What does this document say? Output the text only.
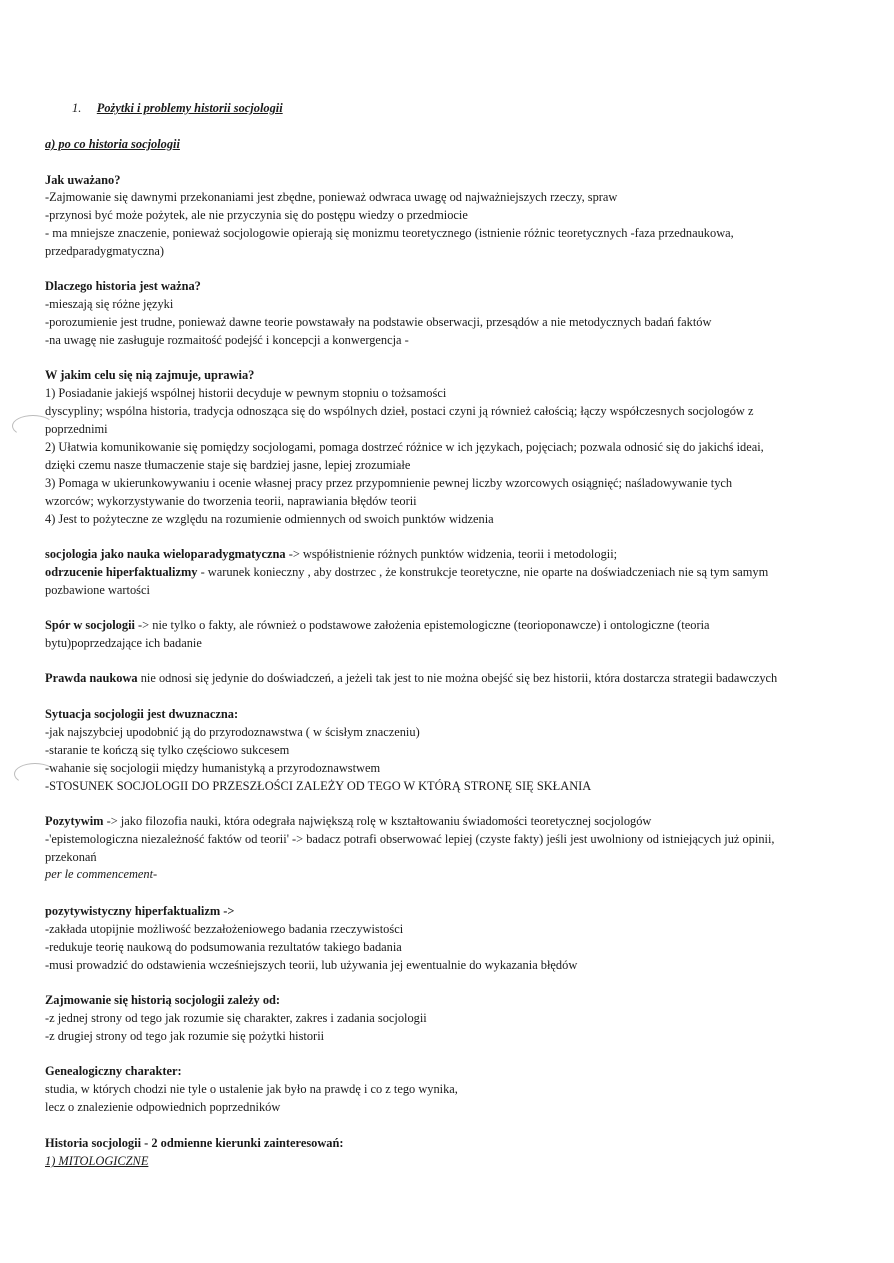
1. Pożytki i problemy historii socjologii
a) po co historia socjologii
Jak uważano?
-Zajmowanie się dawnymi przekonaniami jest zbędne, ponieważ odwraca uwagę od najważniejszych rzeczy, spraw
-przynosi być może pożytek, ale nie przyczynia się do postępu wiedzy o przedmiocie
- ma mniejsze znaczenie, ponieważ socjologowie opierają się monizmu teoretycznego (istnienie różnic teoretycznych -faza przednaukowa,
przedparadygmatyczna)
Dlaczego historia jest ważna?
-mieszają się różne języki
-porozumienie jest trudne, ponieważ dawne teorie powstawały na podstawie obserwacji, przesądów a nie metodycznych badań faktów
-na uwagę nie zasługuje rozmaitość podejść i koncepcji a konwergencja -
W jakim celu się nią zajmuje, uprawia?
1) Posiadanie jakiejś wspólnej historii decyduje w pewnym stopniu o tożsamości
dyscypliny; wspólna historia, tradycja odnosząca się do wspólnych dzieł, postaci czyni ją również całością; łączy współczesnych socjologów z
poprzednimi
2) Ułatwia komunikowanie się pomiędzy socjologami, pomaga dostrzeć różnice w ich językach, pojęciach; pozwala odnosić się do jakichś ideai,
dzięki czemu nasze tłumaczenie staje się bardziej jasne, lepiej zrozumiałe
3) Pomaga w ukierunkowywaniu i ocenie własnej pracy przez przypomnienie pewnej liczby wzorcowych osiągnięć; naśladowywanie tych
wzorców; wykorzystywanie do tworzenia teorii, naprawiania błędów teorii
4) Jest to pożyteczne ze względu na rozumienie odmiennych od swoich punktów widzenia
socjologia jako nauka wieloparadygmatyczna -> współistnienie różnych punktów widzenia, teorii i metodologii;
odrzucenie hiperfaktualizmy - warunek konieczny , aby dostrzec , że konstrukcje teoretyczne, nie oparte na doświadczeniach nie są tym samym
pozbawione wartości
Spór w socjologii -> nie tylko o fakty, ale również o podstawowe założenia epistemologiczne (teorioponawcze) i ontologiczne (teoria
bytu)poprzedzające ich badanie
Prawda naukowa nie odnosi się jedynie do doświadczeń, a jeżeli tak jest to nie można obejść się bez historii, która dostarcza strategii badawczych
Sytuacja socjologii jest dwuznaczna:
-jak najszybciej upodobnić ją do przyrodoznawstwa ( w ścisłym znaczeniu)
-staranie te kończą się tylko częściowo sukcesem
-wahanie się socjologii między humanistyką a przyrodoznawstwem
-STOSUNEK SOCJOLOGII DO PRZESZŁOŚCI ZALEŻY OD TEGO W KTÓRĄ STRONĘ SIĘ SKŁANIA
Pozytywim -> jako filozofia nauki, która odegrała największą rolę w kształtowaniu świadomości teoretycznej socjologów
-'epistemologiczna niezależność faktów od teorii' -> badacz potrafi obserwować lepiej (czyste fakty) jeśli jest uwolniony od istniejących już opinii,
przekonań
per le commencement-
pozytywistyczny hiperfaktualizm ->
-zakłada utopijnie możliwość bezzałożeniowego badania rzeczywistości
-redukuje teorię naukową do podsumowania rezultatów takiego badania
-musi prowadzić do odstawienia wcześniejszych teorii, lub używania jej ewentualnie do wykazania błędów
Zajmowanie się historią socjologii zależy od:
-z jednej strony od tego jak rozumie się charakter, zakres i zadania socjologii
-z drugiej strony od tego jak rozumie się pożytki historii
Genealogiczny charakter:
studia, w których chodzi nie tyle o ustalenie jak było na prawdę i co z tego wynika,
lecz o znalezienie odpowiednich poprzedników
Historia socjologii - 2 odmienne kierunki zainteresowań:
1) MITOLOGICZNE
